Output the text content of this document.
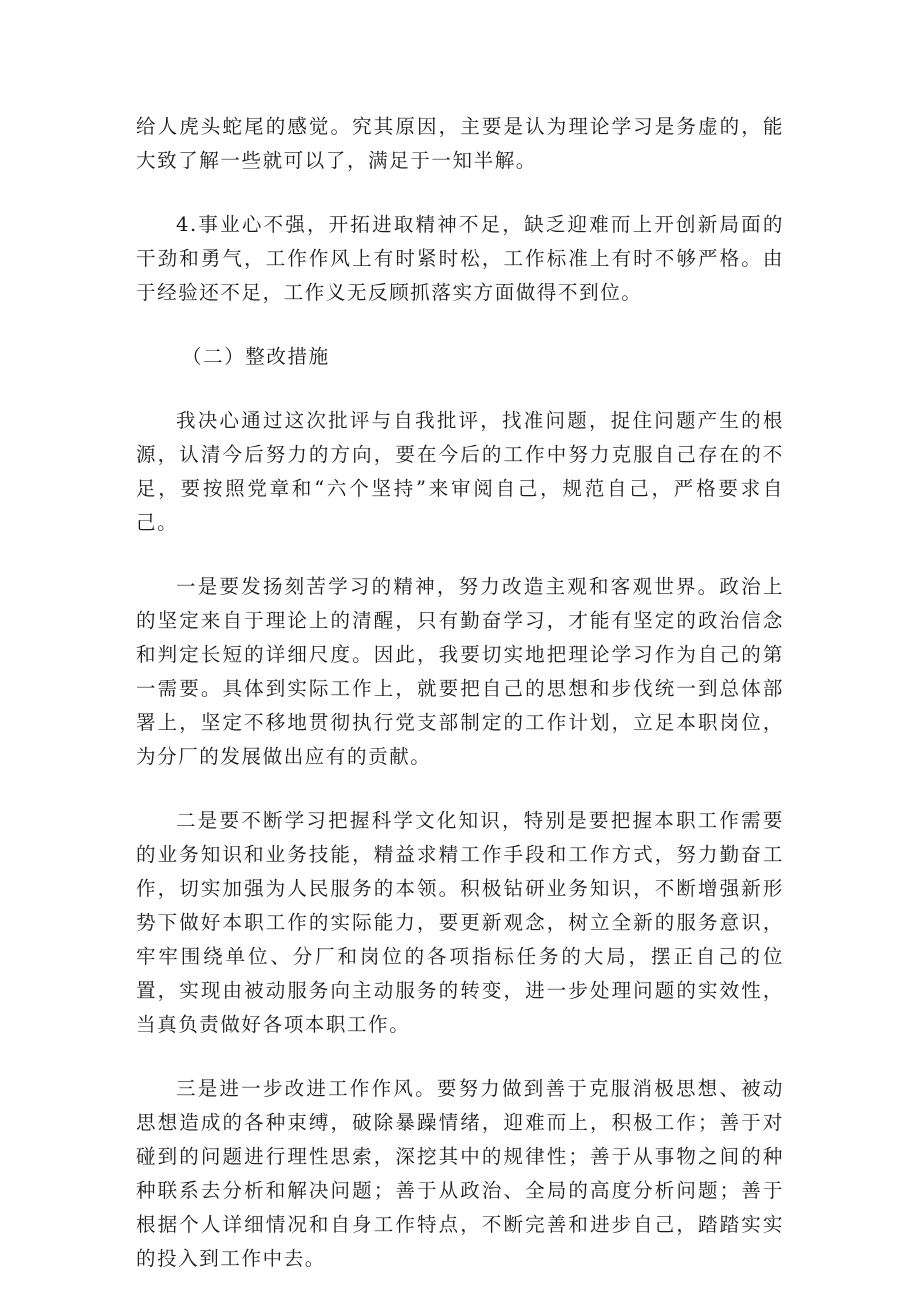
给人虎头蛇尾的感觉。究其原因，主要是认为理论学习是务虚的，能大致了解一些就可以了，满足于一知半解。

4.事业心不强，开拓进取精神不足，缺乏迎难而上开创新局面的干劲和勇气，工作作风上有时紧时松，工作标准上有时不够严格。由于经验还不足，工作义无反顾抓落实方面做得不到位。

（二）整改措施

我决心通过这次批评与自我批评，找准问题，捉住问题产生的根源，认清今后努力的方向，要在今后的工作中努力克服自己存在的不足，要按照党章和“六个坚持”来审阅自己，规范自己，严格要求自己。

一是要发扬刻苦学习的精神，努力改造主观和客观世界。政治上的坚定来自于理论上的清醒，只有勤奋学习，才能有坚定的政治信念和判定长短的详细尺度。因此，我要切实地把理论学习作为自己的第一需要。具体到实际工作上，就要把自己的思想和步伐统一到总体部署上，坚定不移地贯彻执行党支部制定的工作计划，立足本职岗位，为分厂的发展做出应有的贡献。

二是要不断学习把握科学文化知识，特别是要把握本职工作需要的业务知识和业务技能，精益求精工作手段和工作方式，努力勤奋工作，切实加强为人民服务的本领。积极钻研业务知识，不断增强新形势下做好本职工作的实际能力，要更新观念，树立全新的服务意识，牢牢围绕单位、分厂和岗位的各项指标任务的大局，摆正自己的位置，实现由被动服务向主动服务的转变，进一步处理问题的实效性，当真负责做好各项本职工作。

三是进一步改进工作作风。要努力做到善于克服消极思想、被动思想造成的各种束缚，破除暴躁情绪，迎难而上，积极工作；善于对碰到的问题进行理性思索，深挖其中的规律性；善于从事物之间的种种联系去分析和解决问题；善于从政治、全局的高度分析问题；善于根据个人详细情况和自身工作特点，不断完善和进步自己，踏踏实实的投入到工作中去。
